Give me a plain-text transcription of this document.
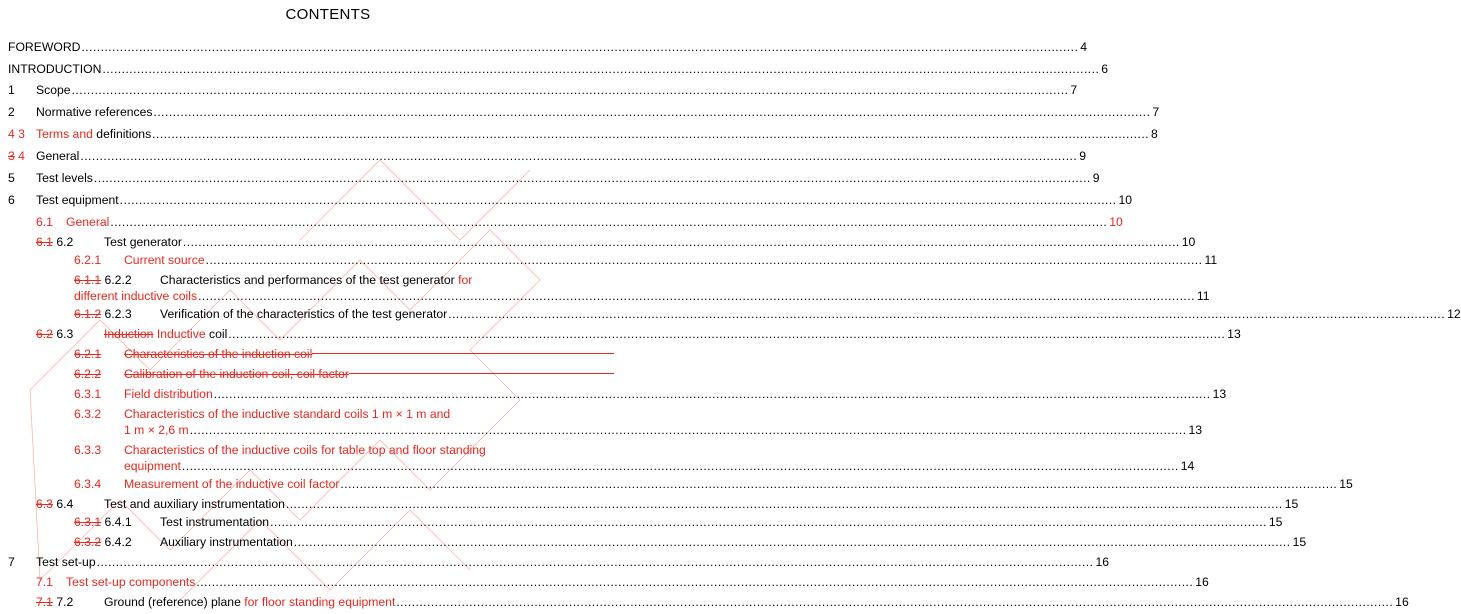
CONTENTS
FOREWORD .................................................................................................................................................................................................................................................................... 4
INTRODUCTION .................................................................................................................................................................................................................................................................... 6
1	Scope .................................................................................................................................................................................................................................................................... 7
2	Normative references .................................................................................................................................................................................................................................................................... 7
4 3 Terms and definitions .................................................................................................................................................................................................................................................................... 8
3 4 General .................................................................................................................................................................................................................................................................... 9
5	Test levels .................................................................................................................................................................................................................................................................... 9
6	Test equipment .................................................................................................................................................................................................................................................................... 10
6.1	General .................................................................................................................................................................................................................................................................... 10
6.1 6.2	Test generator .................................................................................................................................................................................................................................................................... 10
6.2.1	Current source .................................................................................................................................................................................................................................................................... 11
6.1.1 6.2.2	Characteristics and performances of the test generator for
different inductive coils .................................................................................................................................................................................................................................................................... 11
6.1.2 6.2.3	Verification of the characteristics of the test generator .................................................................................................................................................................................................................................................................... 12
6.2 6.3	Induction Inductive coil .................................................................................................................................................................................................................................................................... 13
6.2.1	Characteristics of the induction coil
6.2.2	Calibration of the induction coil, coil factor
6.3.1	Field distribution .................................................................................................................................................................................................................................................................... 13
6.3.2	Characteristics of the inductive standard coils 1 m × 1 m and
1 m × 2,6 m .................................................................................................................................................................................................................................................................... 13
6.3.3	Characteristics of the inductive coils for table top and floor standing
equipment .................................................................................................................................................................................................................................................................... 14
6.3.4	Measurement of the inductive coil factor .................................................................................................................................................................................................................................................................... 15
6.3 6.4	Test and auxiliary instrumentation .................................................................................................................................................................................................................................................................... 15
6.3.1 6.4.1	Test instrumentation .................................................................................................................................................................................................................................................................... 15
6.3.2 6.4.2	Auxiliary instrumentation .................................................................................................................................................................................................................................................................... 15
7	Test set-up .................................................................................................................................................................................................................................................................... 16
7.1	Test set-up components .................................................................................................................................................................................................................................................................... 16
7.1 7.2	Ground (reference) plane for floor standing equipment .................................................................................................................................................................................................................................................................... 16
